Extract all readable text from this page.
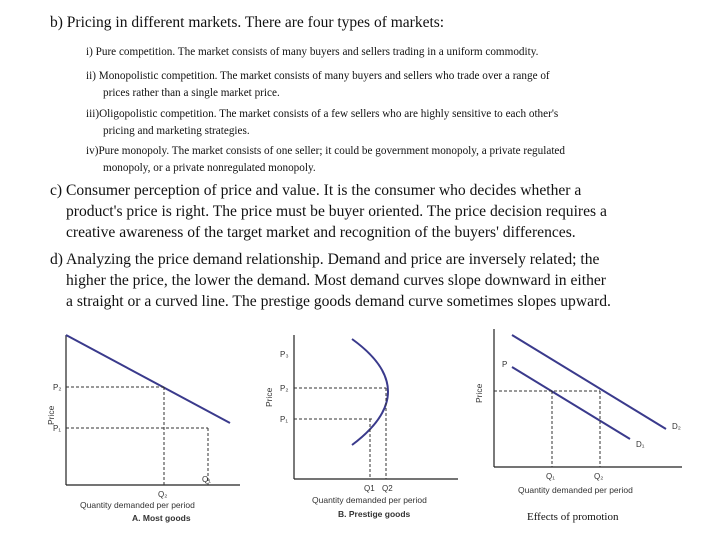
b) Pricing in different markets. There are four types of markets:
i) Pure competition. The market consists of many buyers and sellers trading in a uniform commodity.
ii) Monopolistic competition. The market consists of many buyers and sellers who trade over a range of
prices rather than a single market price.
iii)Oligopolistic competition. The market consists of a few sellers who are highly sensitive to each other's
pricing and marketing strategies.
iv)Pure monopoly. The market consists of one seller; it could be government monopoly, a private regulated
monopoly, or a private nonregulated monopoly.
c) Consumer perception of price and value. It is the consumer who decides whether a
product's price is right. The price must be buyer oriented. The price decision requires a
creative awareness of the target market and recognition of the buyers' differences.
d) Analyzing the price demand relationship. Demand and price are inversely related; the
higher the price, the lower the demand. Most demand curves slope downward in either
a straight or a curved line. The prestige goods demand curve sometimes slopes upward.
Price
P₂
P₁
Q₂
Q₁
Quantity demanded per period
A. Most goods
Price
P₃
P₂
P₁
Q1 Q2
Quantity demanded per period
B. Prestige goods
Price
P
D₂
D₁
Q₁	Q₂
Quantity demanded per period
Effects of promotion
